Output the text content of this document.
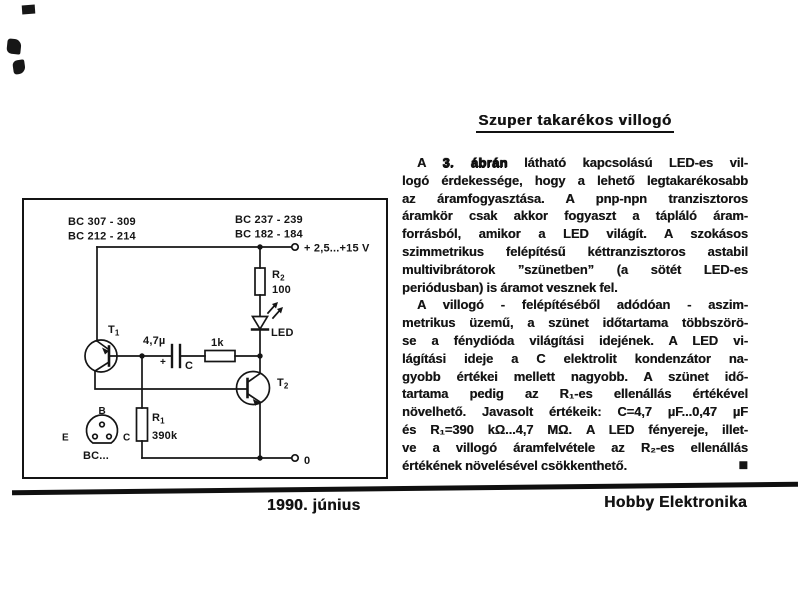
BC 307 - 309
BC 212 - 214
BC 237 - 239
BC 182 - 184
+ 2,5...+15 V
$R_2$
100
LED
$T_1$
$T_2$
4,7µ
+ C
1k
$R_1$
390k
0
B
E	C
BC...
Szuper takarékos villogó
A 3. ábrán látható kapcsolású LED-es vil-
logó érdekessége, hogy a lehető legtakarékosabb
az áramfogyasztása. A pnp-npn tranzisztoros
áramkör csak akkor fogyaszt a tápláló áram-
forrásból, amikor a LED világít. A szokásos
szimmetrikus felépítésű kéttranzisztoros astabil
multivibrátorok ”szünetben” (a sötét LED-es
periódusban) is áramot vesznek fel.
A villogó - felépítéséből adódóan - aszim-
metrikus üzemű, a szünet időtartama többszörö-
se a fénydióda világítási idejének. A LED vi-
lágítási ideje a C elektrolit kondenzátor na-
gyobb értékei mellett nagyobb. A szünet idő-
tartama pedig az R₁-es ellenállás értékével
növelhető. Javasolt értékeik: C=4,7 µF...0,47 µF
és R₁=390 kΩ...4,7 MΩ. A LED fényereje, illet-
ve a villogó áramfelvétele az R₂-es ellenállás
értékének növelésével csökkenthető.	■
1990. június	Hobby Elektronika
